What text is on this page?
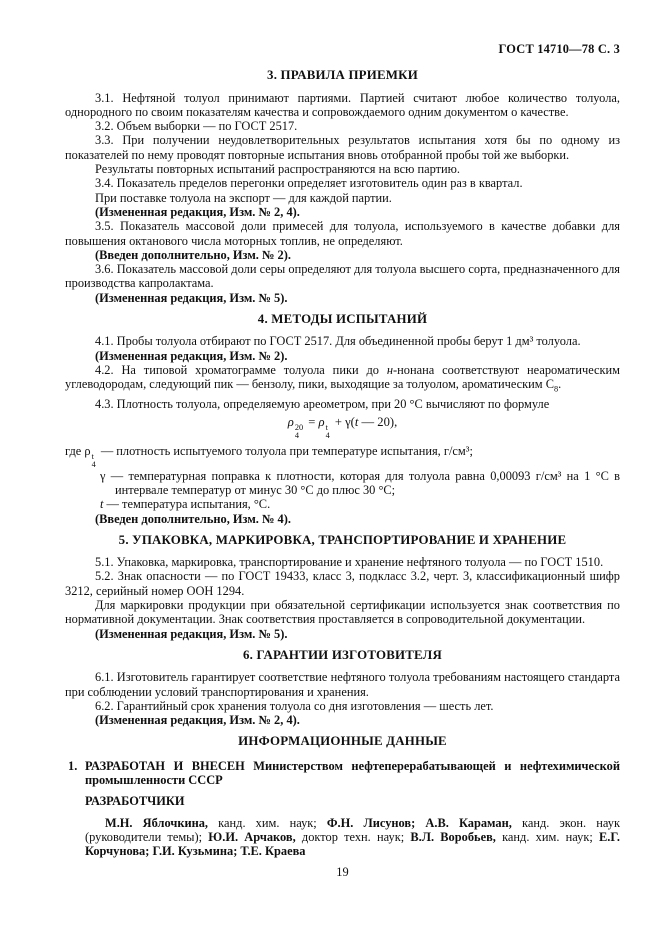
ГОСТ 14710—78 С. 3
3. ПРАВИЛА ПРИЕМКИ

3.1. Нефтяной толуол принимают партиями. Партией считают любое количество толуола, однородного по своим показателям качества и сопровождаемого одним документом о качестве.

3.2. Объем выборки — по ГОСТ 2517.

3.3. При получении неудовлетворительных результатов испытания хотя бы по одному из показателей по нему проводят повторные испытания вновь отобранной пробы той же выборки.

Результаты повторных испытаний распространяются на всю партию.

3.4. Показатель пределов перегонки определяет изготовитель один раз в квартал.

При поставке толуола на экспорт — для каждой партии.

(Измененная редакция, Изм. № 2, 4).

3.5. Показатель массовой доли примесей для толуола, используемого в качестве добавки для повышения октанового числа моторных топлив, не определяют.

(Введен дополнительно, Изм. № 2).

3.6. Показатель массовой доли серы определяют для толуола высшего сорта, предназначенного для производства капролактама.

(Измененная редакция, Изм. № 5).

4. МЕТОДЫ ИСПЫТАНИЙ

4.1. Пробы толуола отбирают по ГОСТ 2517. Для объединенной пробы берут 1 дм³ толуола.

(Измененная редакция, Изм. № 2).

4.2. На типовой хроматограмме толуола пики до н-нонана соответствуют неароматическим углеводородам, следующий пик — бензолу, пики, выходящие за толуолом, ароматическим $С_8$.

4.3. Плотность толуола, определяемую ареометром, при 20 °С вычисляют по формуле

ρ 20
4
= ρ t
4
+ γ(t — 20),

где ρ t
4
— плотность испытуемого толуола при температуре испытания, г/см³;

γ — температурная поправка к плотности, которая для толуола равна 0,00093 г/см³ на 1 °С в интервале температур от минус 30 °С до плюс 30 °С;

t — температура испытания, °С.

(Введен дополнительно, Изм. № 4).

5. УПАКОВКА, МАРКИРОВКА, ТРАНСПОРТИРОВАНИЕ И ХРАНЕНИЕ

5.1. Упаковка, маркировка, транспортирование и хранение нефтяного толуола — по ГОСТ 1510.

5.2. Знак опасности — по ГОСТ 19433, класс 3, подкласс 3.2, черт. 3, классификационный шифр 3212, серийный номер ООН 1294.

Для маркировки продукции при обязательной сертификации используется знак соответствия по нормативной документации. Знак соответствия проставляется в сопроводительной документации.

(Измененная редакция, Изм. № 5).

6. ГАРАНТИИ ИЗГОТОВИТЕЛЯ

6.1. Изготовитель гарантирует соответствие нефтяного толуола требованиям настоящего стандарта при соблюдении условий транспортирования и хранения.

6.2. Гарантийный срок хранения толуола со дня изготовления — шесть лет.

(Измененная редакция, Изм. № 2, 4).

ИНФОРМАЦИОННЫЕ ДАННЫЕ

1. РАЗРАБОТАН И ВНЕСЕН Министерством нефтеперерабатывающей и нефтехимической промышленности СССР

РАЗРАБОТЧИКИ

М.Н. Яблочкина, канд. хим. наук; Ф.Н. Лисунов; А.В. Караман, канд. экон. наук (руководители темы); Ю.И. Арчаков, доктор техн. наук; В.Л. Воробьев, канд. хим. наук; Е.Г. Корчунова; Г.И. Кузьмина; Т.Е. Краева

19
